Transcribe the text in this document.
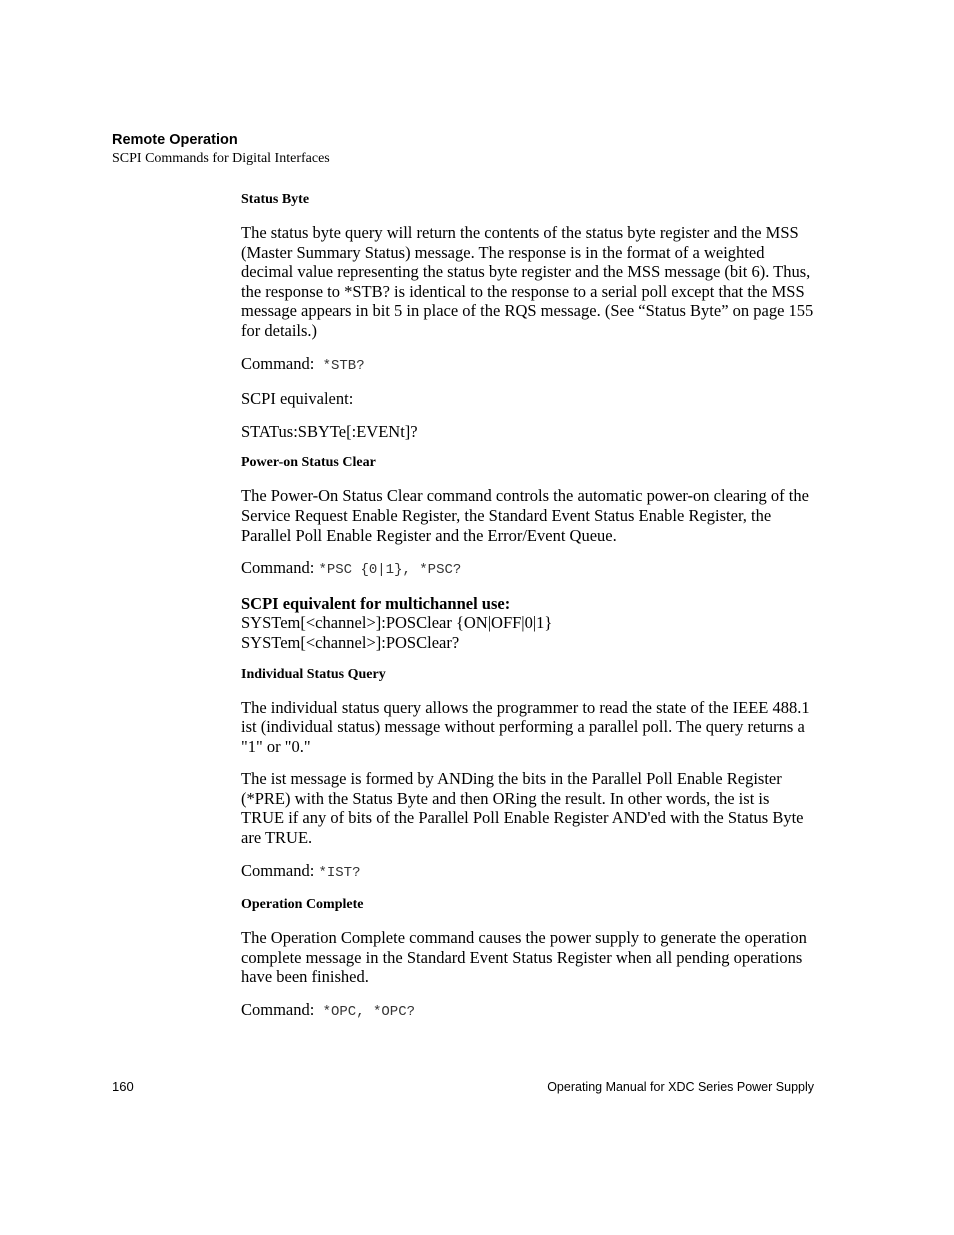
Remote Operation
SCPI Commands for Digital Interfaces
Status Byte

The status byte query will return the contents of the status byte register and the MSS (Master Summary Status) message. The response is in the format of a weighted decimal value representing the status byte register and the MSS message (bit 6). Thus, the response to *STB? is identical to the response to a serial poll except that the MSS message appears in bit 5 in place of the RQS message. (See “Status Byte” on page 155 for details.)

Command: *STB?

SCPI equivalent:

STATus:SBYTe[:EVENt]?

Power-on Status Clear

The Power-On Status Clear command controls the automatic power-on clearing of the Service Request Enable Register, the Standard Event Status Enable Register, the Parallel Poll Enable Register and the Error/Event Queue.

Command: *PSC {0|1}, *PSC?

SCPI equivalent for multichannel use:
SYSTem[<channel>]:POSClear {ON|OFF|0|1}
SYSTem[<channel>]:POSClear?

Individual Status Query

The individual status query allows the programmer to read the state of the IEEE 488.1 ist (individual status) message without performing a parallel poll. The query returns a "1" or "0."

The ist message is formed by ANDing the bits in the Parallel Poll Enable Register (*PRE) with the Status Byte and then ORing the result. In other words, the ist is TRUE if any of bits of the Parallel Poll Enable Register AND'ed with the Status Byte are TRUE.

Command: *IST?

Operation Complete

The Operation Complete command causes the power supply to generate the operation complete message in the Standard Event Status Register when all pending operations have been finished.

Command: *OPC, *OPC?

160	Operating Manual for XDC Series Power Supply
